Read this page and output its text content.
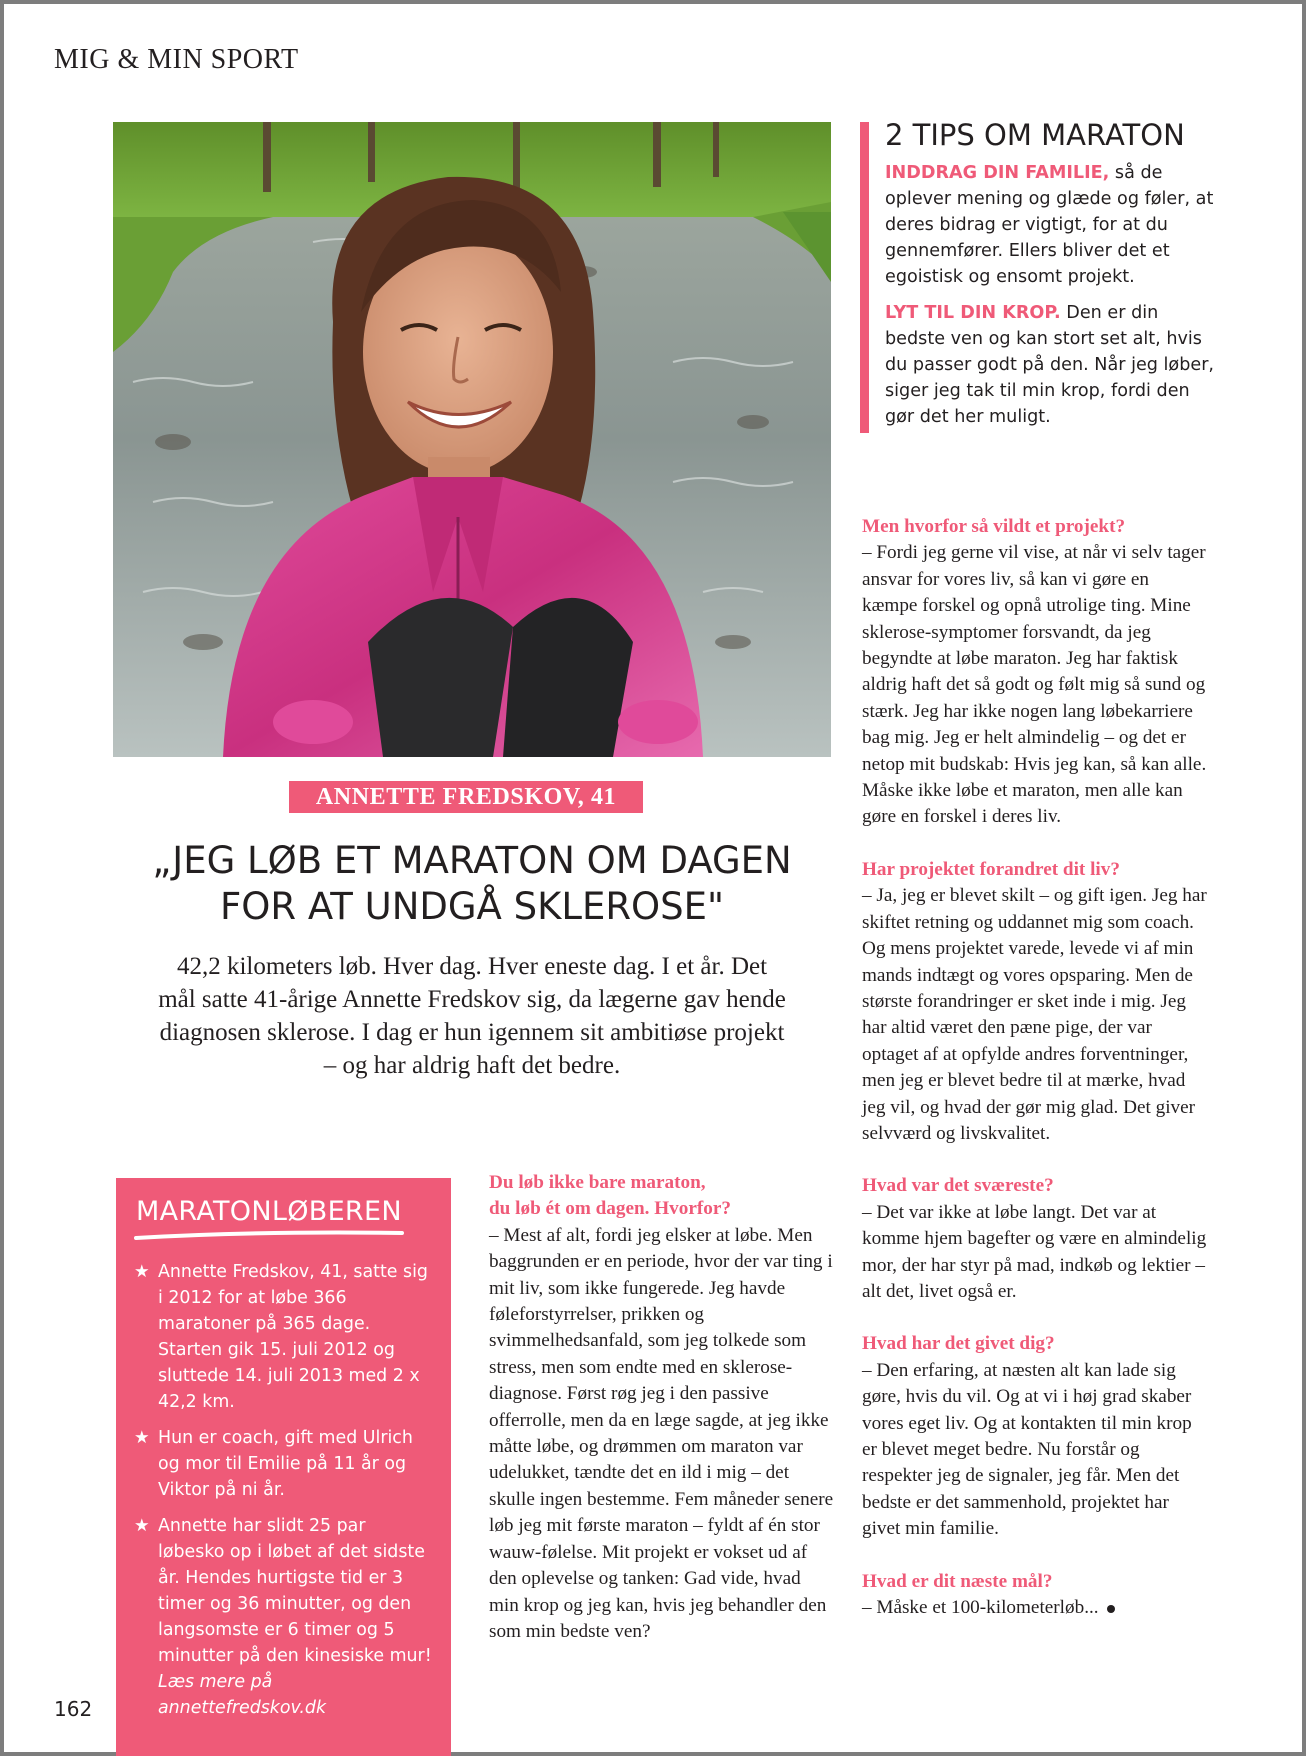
MIG & MIN SPORT
2 TIPS OM MARATON

INDDRAG DIN FAMILIE, så de oplever mening og glæde og føler, at deres bidrag er vigtigt, for at du gennemfører. Ellers bliver det et egoistisk og ensomt projekt.

LYT TIL DIN KROP. Den er din bedste ven og kan stort set alt, hvis du passer godt på den. Når jeg løber, siger jeg tak til min krop, fordi den gør det her muligt.

ANNETTE FREDSKOV, 41
„JEG LØB ET MARATON OM DAGEN
FOR AT UNDGÅ SKLEROSE"
42,2 kilometers løb. Hver dag. Hver eneste dag. I et år. Det
mål satte 41-årige Annette Fredskov sig, da lægerne gav hende
diagnosen sklerose. I dag er hun igennem sit ambitiøse projekt
– og har aldrig haft det bedre.
MARATONLØBEREN
★ Annette Fredskov, 41, satte sig i 2012 for at løbe 366 maratoner på 365 dage. Starten gik 15. juli 2012 og sluttede 14. juli 2013 med 2 x 42,2 km.
★ Hun er coach, gift med Ulrich og mor til Emilie på 11 år og Viktor på ni år.
★ Annette har slidt 25 par løbesko op i løbet af det sidste år. Hendes hurtigste tid er 3 timer og 36 minutter, og den langsomste er 6 timer og 5 minutter på den kinesiske mur! Læs mere på annettefredskov.dk
162
Du løb ikke bare maraton,
du løb ét om dagen. Hvorfor?
– Mest af alt, fordi jeg elsker at løbe. Men baggrunden er en periode, hvor der var ting i mit liv, som ikke fungerede. Jeg havde føleforstyrrelser, prikken og svimmelhedsanfald, som jeg tolkede som stress, men som endte med en sklerose-diagnose. Først røg jeg i den passive offerrolle, men da en læge sagde, at jeg ikke måtte løbe, og drømmen om maraton var udelukket, tændte det en ild i mig – det skulle ingen bestemme. Fem måneder senere løb jeg mit første maraton – fyldt af én stor wauw-følelse. Mit projekt er vokset ud af den oplevelse og tanken: Gad vide, hvad min krop og jeg kan, hvis jeg behandler den som min bedste ven?
Men hvorfor så vildt et projekt?
– Fordi jeg gerne vil vise, at når vi selv tager ansvar for vores liv, så kan vi gøre en kæmpe forskel og opnå utrolige ting. Mine sklerose-symptomer forsvandt, da jeg begyndte at løbe maraton. Jeg har faktisk aldrig haft det så godt og følt mig så sund og stærk. Jeg har ikke nogen lang løbekarriere bag mig. Jeg er helt almindelig – og det er netop mit budskab: Hvis jeg kan, så kan alle. Måske ikke løbe et maraton, men alle kan gøre en forskel i deres liv.
Har projektet forandret dit liv?
– Ja, jeg er blevet skilt – og gift igen. Jeg har skiftet retning og uddannet mig som coach. Og mens projektet varede, levede vi af min mands indtægt og vores opsparing. Men de største forandringer er sket inde i mig. Jeg har altid været den pæne pige, der var optaget af at opfylde andres forventninger, men jeg er blevet bedre til at mærke, hvad jeg vil, og hvad der gør mig glad. Det giver selvværd og livskvalitet.
Hvad var det sværeste?
– Det var ikke at løbe langt. Det var at komme hjem bagefter og være en almindelig mor, der har styr på mad, indkøb og lektier – alt det, livet også er.
Hvad har det givet dig?
– Den erfaring, at næsten alt kan lade sig gøre, hvis du vil. Og at vi i høj grad skaber vores eget liv. Og at kontakten til min krop er blevet meget bedre. Nu forstår og respekter jeg de signaler, jeg får. Men det bedste er det sammenhold, projektet har givet min familie.
Hvad er dit næste mål?
– Måske et 100-kilometerløb...
